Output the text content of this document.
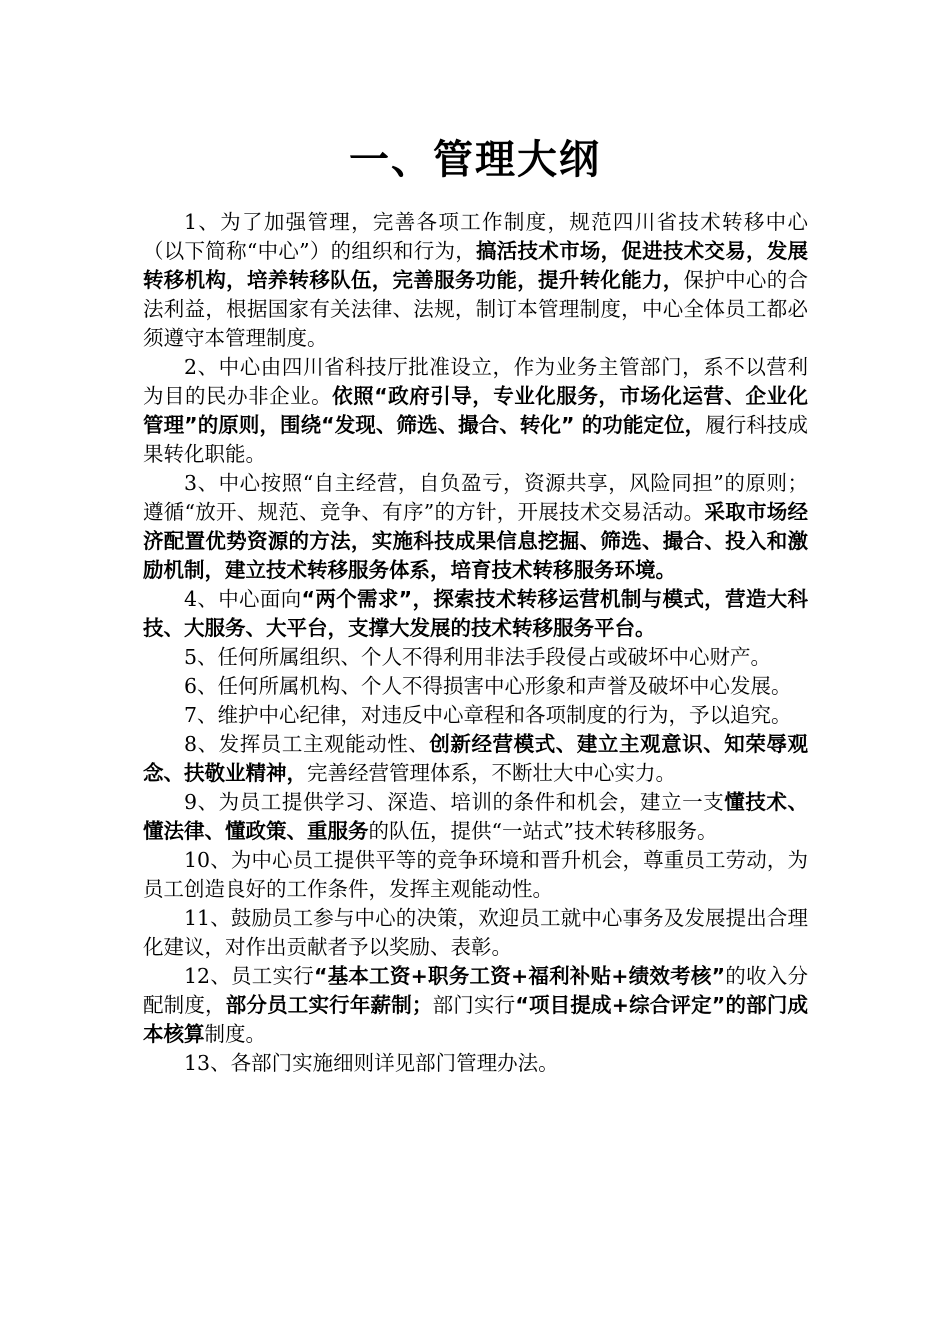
一、管理大纲

1、为了加强管理，完善各项工作制度，规范四川省技术转移中心（以下简称“中心”）的组织和行为，搞活技术市场，促进技术交易，发展转移机构，培养转移队伍，完善服务功能，提升转化能力，保护中心的合法利益，根据国家有关法律、法规，制订本管理制度，中心全体员工都必须遵守本管理制度。

2、中心由四川省科技厅批准设立，作为业务主管部门，系不以营利为目的民办非企业。依照“政府引导，专业化服务，市场化运营、企业化管理”的原则，围绕“发现、筛选、撮合、转化” 的功能定位，履行科技成果转化职能。

3、中心按照“自主经营，自负盈亏，资源共享，风险同担”的原则；遵循“放开、规范、竞争、有序”的方针，开展技术交易活动。采取市场经济配置优势资源的方法，实施科技成果信息挖掘、筛选、撮合、投入和激励机制，建立技术转移服务体系，培育技术转移服务环境。

4、中心面向“两个需求”，探索技术转移运营机制与模式，营造大科技、大服务、大平台，支撑大发展的技术转移服务平台。

5、任何所属组织、个人不得利用非法手段侵占或破坏中心财产。

6、任何所属机构、个人不得损害中心形象和声誉及破坏中心发展。

7、维护中心纪律，对违反中心章程和各项制度的行为，予以追究。

8、发挥员工主观能动性、创新经营模式、建立主观意识、知荣辱观念、扶敬业精神，完善经营管理体系，不断壮大中心实力。

9、为员工提供学习、深造、培训的条件和机会，建立一支懂技术、懂法律、懂政策、重服务的队伍，提供“一站式”技术转移服务。

10、为中心员工提供平等的竞争环境和晋升机会，尊重员工劳动，为员工创造良好的工作条件，发挥主观能动性。

11、鼓励员工参与中心的决策，欢迎员工就中心事务及发展提出合理化建议，对作出贡献者予以奖励、表彰。

12、员工实行“基本工资+职务工资+福利补贴+绩效考核”的收入分配制度，部分员工实行年薪制；部门实行“项目提成+综合评定”的部门成本核算制度。

13、各部门实施细则详见部门管理办法。
